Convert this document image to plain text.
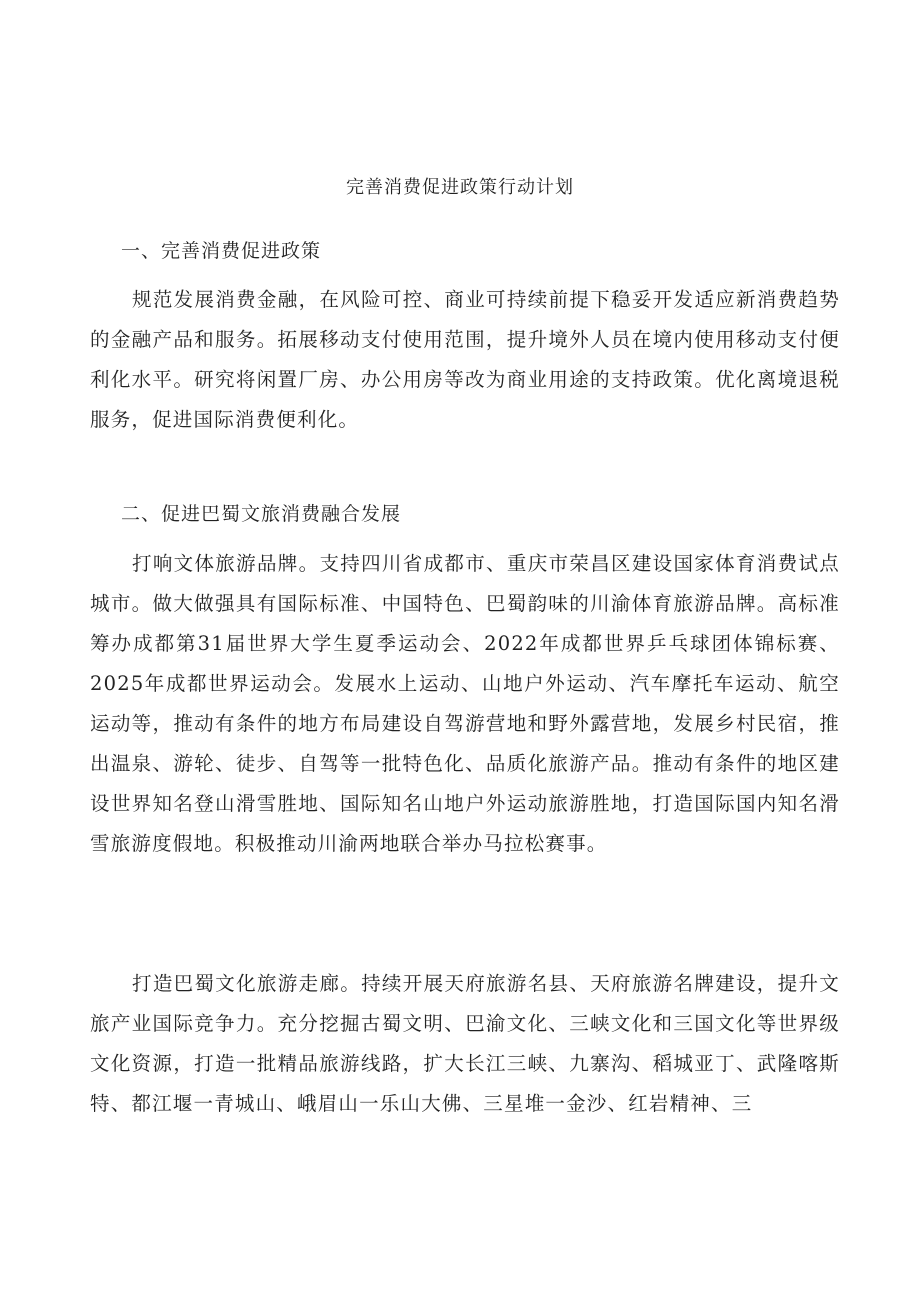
完善消费促进政策行动计划
一、完善消费促进政策
规范发展消费金融，在风险可控、商业可持续前提下稳妥开发适应新消费趋势的金融产品和服务。拓展移动支付使用范围，提升境外人员在境内使用移动支付便利化水平。研究将闲置厂房、办公用房等改为商业用途的支持政策。优化离境退税服务，促进国际消费便利化。
二、促进巴蜀文旅消费融合发展
打响文体旅游品牌。支持四川省成都市、重庆市荣昌区建设国家体育消费试点城市。做大做强具有国际标准、中国特色、巴蜀韵味的川渝体育旅游品牌。高标准筹办成都第31届世界大学生夏季运动会、2022年成都世界乒乓球团体锦标赛、2025年成都世界运动会。发展水上运动、山地户外运动、汽车摩托车运动、航空运动等，推动有条件的地方布局建设自驾游营地和野外露营地，发展乡村民宿，推出温泉、游轮、徒步、自驾等一批特色化、品质化旅游产品。推动有条件的地区建设世界知名登山滑雪胜地、国际知名山地户外运动旅游胜地，打造国际国内知名滑雪旅游度假地。积极推动川渝两地联合举办马拉松赛事。
打造巴蜀文化旅游走廊。持续开展天府旅游名县、天府旅游名牌建设，提升文旅产业国际竞争力。充分挖掘古蜀文明、巴渝文化、三峡文化和三国文化等世界级文化资源，打造一批精品旅游线路，扩大长江三峡、九寨沟、稻城亚丁、武隆喀斯特、都江堰一青城山、峨眉山一乐山大佛、三星堆一金沙、红岩精神、三
